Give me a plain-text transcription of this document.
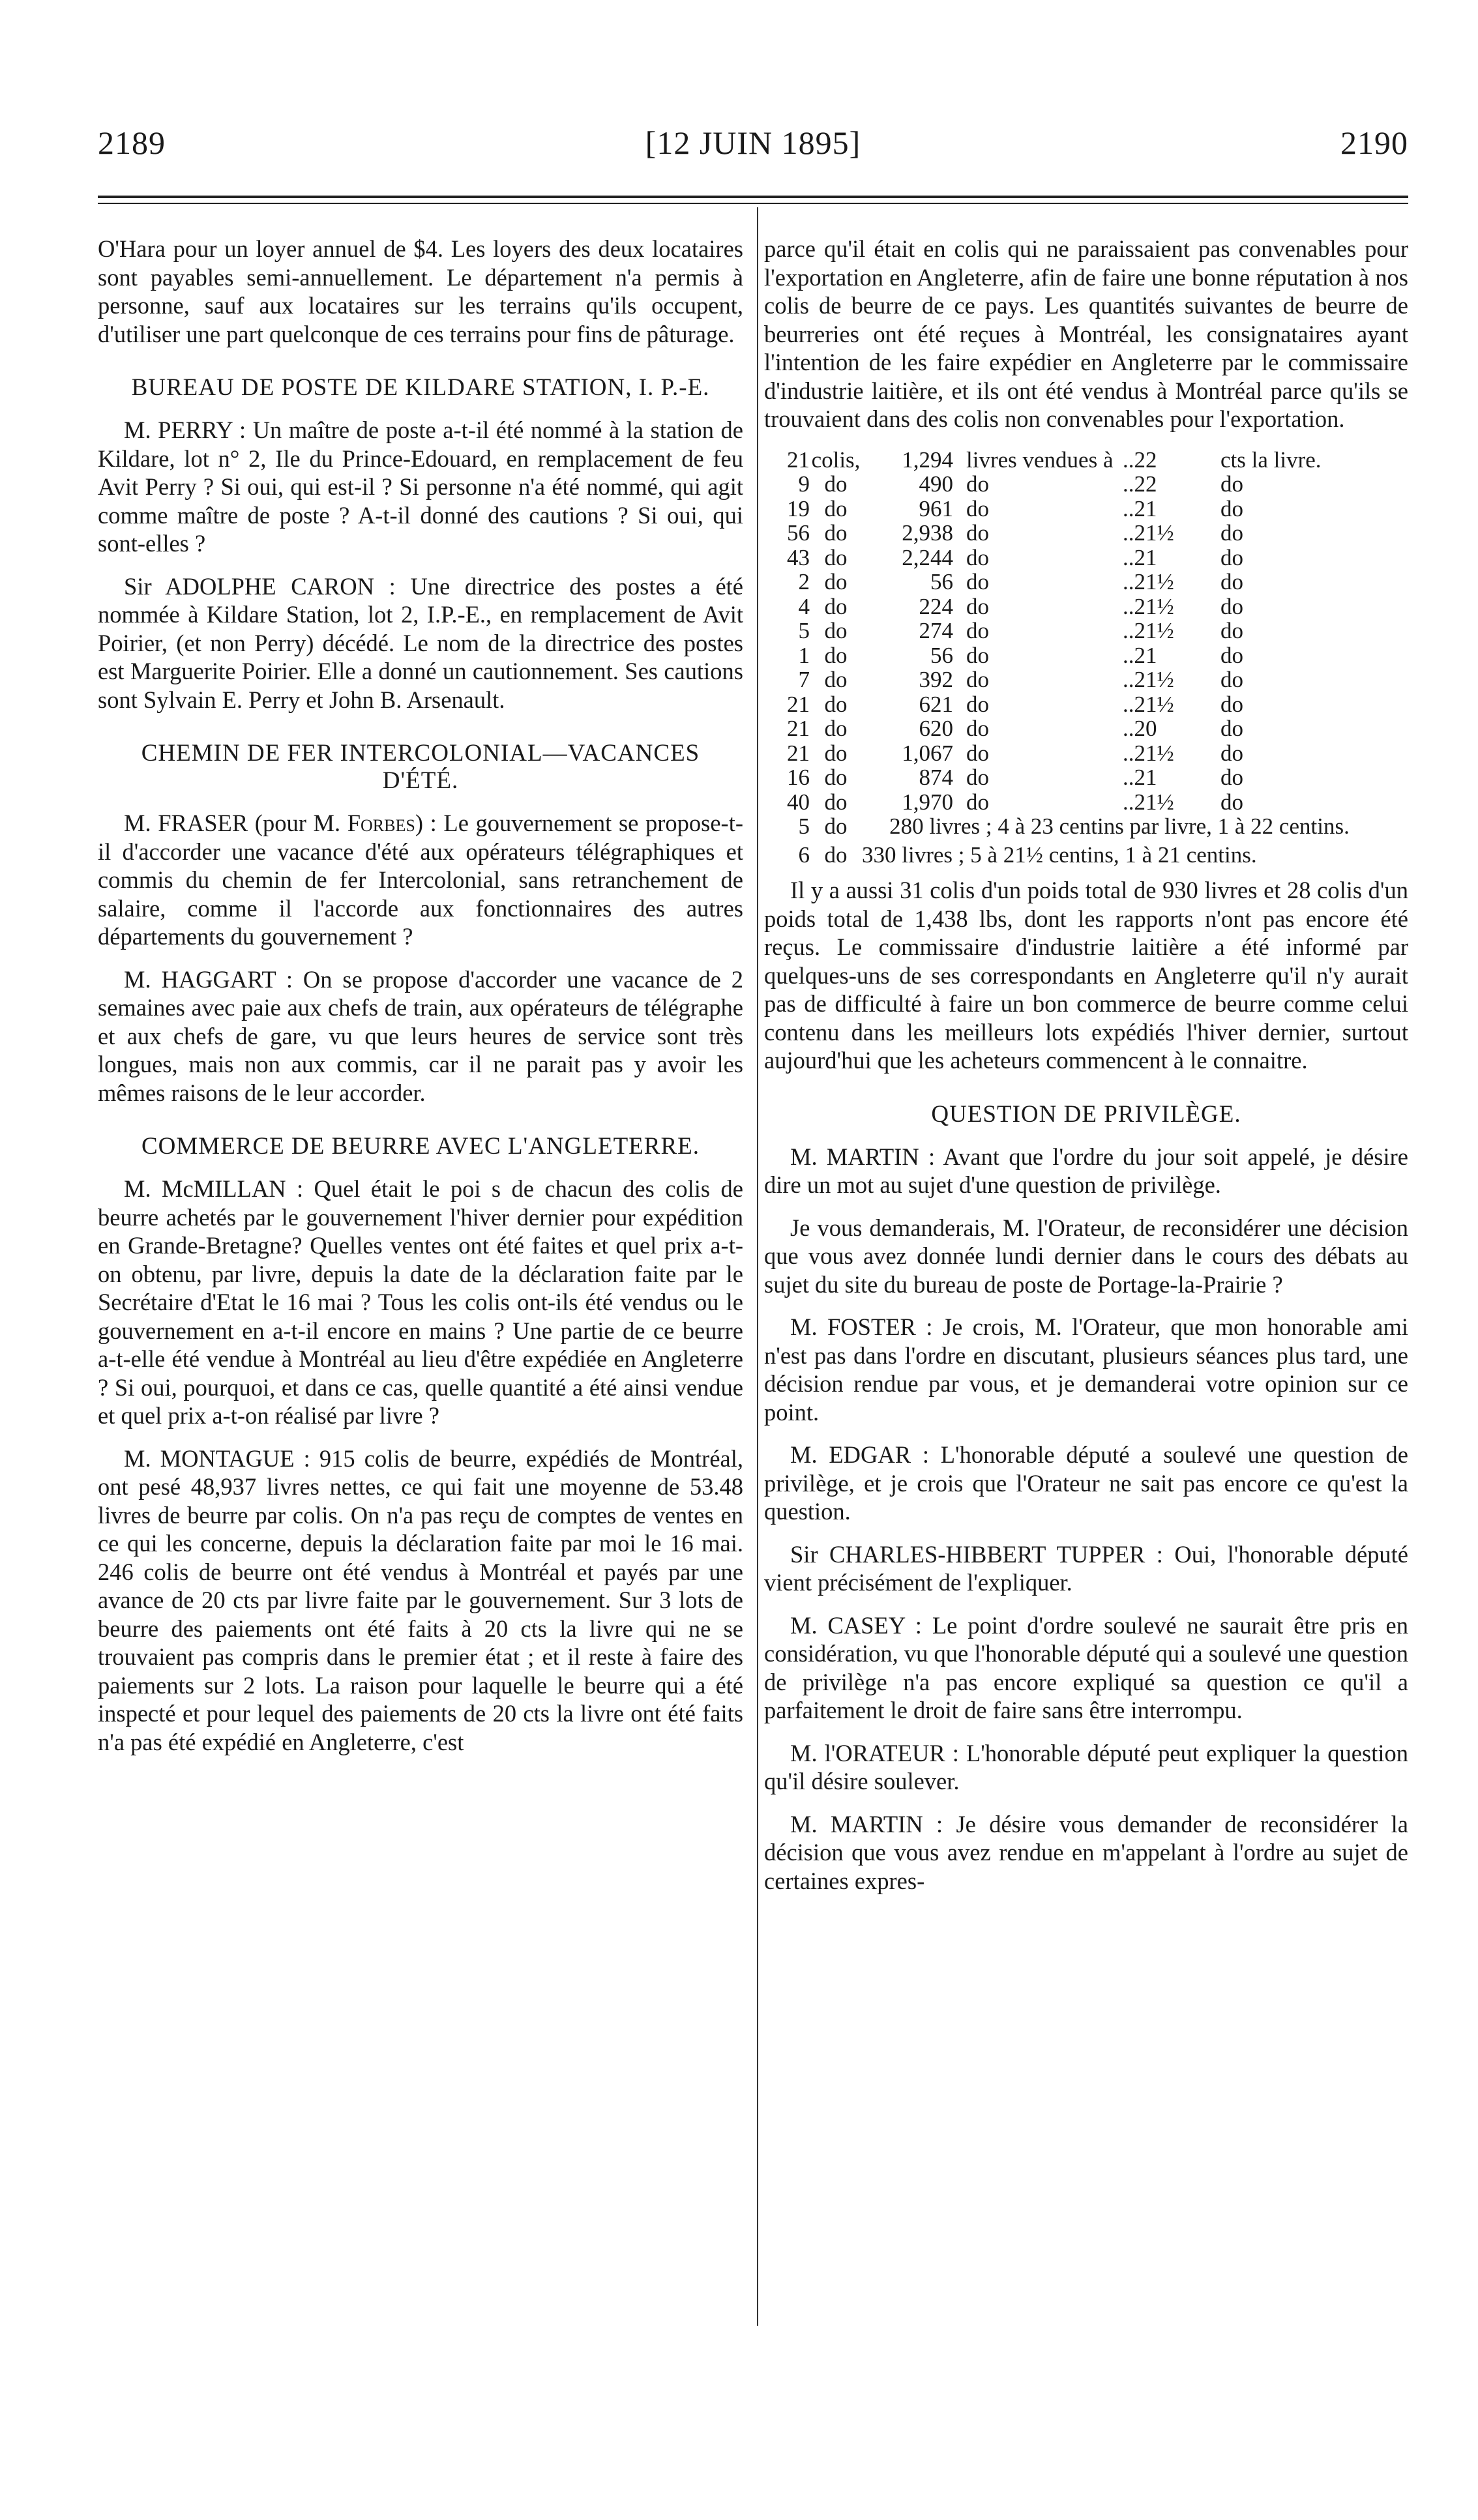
2189	[12 JUIN 1895]	2190

O'Hara pour un loyer annuel de $4. Les loyers des deux locataires sont payables semi-annuellement. Le département n'a permis à personne, sauf aux locataires sur les terrains qu'ils occupent, d'utiliser une part quelconque de ces terrains pour fins de pâturage.

BUREAU DE POSTE DE KILDARE STATION, I. P.-E.

M. PERRY : Un maître de poste a-t-il été nommé à la station de Kildare, lot n° 2, Ile du Prince-Edouard, en remplacement de feu Avit Perry ? Si oui, qui est-il ? Si personne n'a été nommé, qui agit comme maître de poste ? A-t-il donné des cautions ? Si oui, qui sont-elles ?

Sir ADOLPHE CARON : Une directrice des postes a été nommée à Kildare Station, lot 2, I.P.-E., en remplacement de Avit Poirier, (et non Perry) décédé. Le nom de la directrice des postes est Marguerite Poirier. Elle a donné un cautionnement. Ses cautions sont Sylvain E. Perry et John B. Arsenault.

CHEMIN DE FER INTERCOLONIAL—VACANCES D'ÉTÉ.

M. FRASER (pour M. Forbes) : Le gouvernement se propose-t-il d'accorder une vacance d'été aux opérateurs télégraphiques et commis du chemin de fer Intercolonial, sans retranchement de salaire, comme il l'accorde aux fonctionnaires des autres départements du gouvernement ?

M. HAGGART : On se propose d'accorder une vacance de 2 semaines avec paie aux chefs de train, aux opérateurs de télégraphe et aux chefs de gare, vu que leurs heures de service sont très longues, mais non aux commis, car il ne parait pas y avoir les mêmes raisons de le leur accorder.

COMMERCE DE BEURRE AVEC L'ANGLETERRE.

M. McMILLAN : Quel était le poi s de chacun des colis de beurre achetés par le gouvernement l'hiver dernier pour expédition en Grande-Bretagne? Quelles ventes ont été faites et quel prix a-t-on obtenu, par livre, depuis la date de la déclaration faite par le Secrétaire d'Etat le 16 mai ? Tous les colis ont-ils été vendus ou le gouvernement en a-t-il encore en mains ? Une partie de ce beurre a-t-elle été vendue à Montréal au lieu d'être expédiée en Angleterre ? Si oui, pourquoi, et dans ce cas, quelle quantité a été ainsi vendue et quel prix a-t-on réalisé par livre ?

M. MONTAGUE : 915 colis de beurre, expédiés de Montréal, ont pesé 48,937 livres nettes, ce qui fait une moyenne de 53.48 livres de beurre par colis. On n'a pas reçu de comptes de ventes en ce qui les concerne, depuis la déclaration faite par moi le 16 mai. 246 colis de beurre ont été vendus à Montréal et payés par une avance de 20 cts par livre faite par le gouvernement. Sur 3 lots de beurre des paiements ont été faits à 20 cts la livre qui ne se trouvaient pas compris dans le premier état ; et il reste à faire des paiements sur 2 lots. La raison pour laquelle le beurre qui a été inspecté et pour lequel des paiements de 20 cts la livre ont été faits n'a pas été expédié en Angleterre, c'est

parce qu'il était en colis qui ne paraissaient pas convenables pour l'exportation en Angleterre, afin de faire une bonne réputation à nos colis de beurre de ce pays. Les quantités suivantes de beurre de beurreries ont été reçues à Montréal, les consignataires ayant l'intention de les faire expédier en Angleterre par le commissaire d'industrie laitière, et ils ont été vendus à Montréal parce qu'ils se trouvaient dans des colis non convenables pour l'exportation.

21 colis,	1,294 livres vendues à ..22	cts la livre.
9 do	490 do	..22	do
19 do	961 do	..21	do
56 do	2,938 do	..21½	do
43 do	2,244 do	..21	do
2 do	56 do	..21½	do
4 do	224 do	..21½	do
5 do	274 do	..21½	do
1 do	56 do	..21	do
7 do	392 do	..21½	do
21 do	621 do	..21½	do
21 do	620 do	..20	do
21 do	1,067 do	..21½	do
16 do	874 do	..21	do
40 do	1,970 do	..21½	do
5 do	280 livres ; 4 à 23 centins par livre, 1 à 22 centins.
6 do 330 livres ; 5 à 21½ centins, 1 à 21 centins.

Il y a aussi 31 colis d'un poids total de 930 livres et 28 colis d'un poids total de 1,438 lbs, dont les rapports n'ont pas encore été reçus. Le commissaire d'industrie laitière a été informé par quelques-uns de ses correspondants en Angleterre qu'il n'y aurait pas de difficulté à faire un bon commerce de beurre comme celui contenu dans les meilleurs lots expédiés l'hiver dernier, surtout aujourd'hui que les acheteurs commencent à le connaitre.

QUESTION DE PRIVILÈGE.

M. MARTIN : Avant que l'ordre du jour soit appelé, je désire dire un mot au sujet d'une question de privilège.

Je vous demanderais, M. l'Orateur, de reconsidérer une décision que vous avez donnée lundi dernier dans le cours des débats au sujet du site du bureau de poste de Portage-la-Prairie ?

M. FOSTER : Je crois, M. l'Orateur, que mon honorable ami n'est pas dans l'ordre en discutant, plusieurs séances plus tard, une décision rendue par vous, et je demanderai votre opinion sur ce point.

M. EDGAR : L'honorable député a soulevé une question de privilège, et je crois que l'Orateur ne sait pas encore ce qu'est la question.

Sir CHARLES-HIBBERT TUPPER : Oui, l'honorable député vient précisément de l'expliquer.

M. CASEY : Le point d'ordre soulevé ne saurait être pris en considération, vu que l'honorable député qui a soulevé une question de privilège n'a pas encore expliqué sa question ce qu'il a parfaitement le droit de faire sans être interrompu.

M. l'ORATEUR : L'honorable député peut expliquer la question qu'il désire soulever.

M. MARTIN : Je désire vous demander de reconsidérer la décision que vous avez rendue en m'appelant à l'ordre au sujet de certaines expres-
